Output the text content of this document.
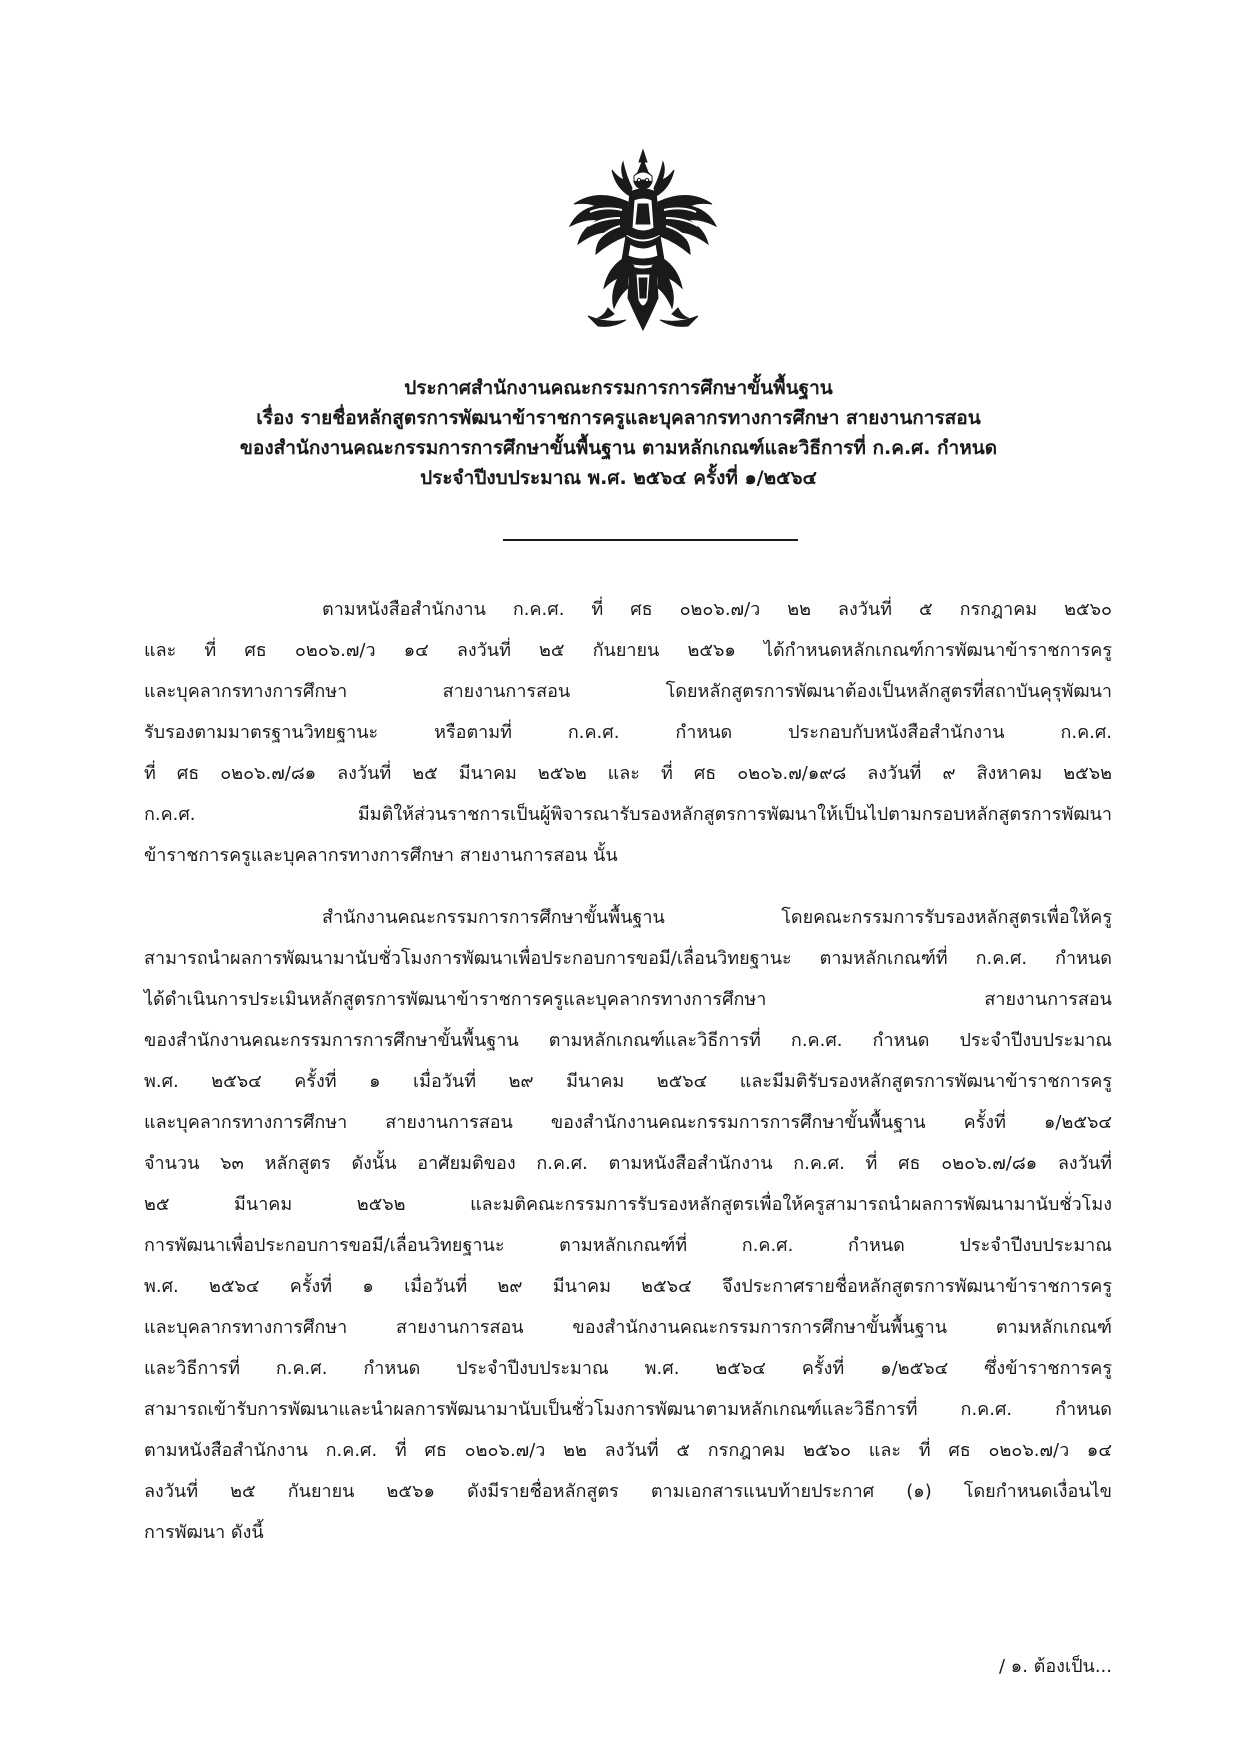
ประกาศสำนักงานคณะกรรมการการศึกษาขั้นพื้นฐาน
เรื่อง รายชื่อหลักสูตรการพัฒนาข้าราชการครูและบุคลากรทางการศึกษา สายงานการสอน
ของสำนักงานคณะกรรมการการศึกษาขั้นพื้นฐาน ตามหลักเกณฑ์และวิธีการที่ ก.ค.ศ. กำหนด
ประจำปีงบประมาณ พ.ศ. ๒๕๖๔ ครั้งที่ ๑/๒๕๖๔
ตามหนังสือสำนักงาน ก.ค.ศ. ที่ ศธ ๐๒๐๖.๗/ว ๒๒ ลงวันที่ ๕ กรกฎาคม ๒๕๖๐
และ ที่ ศธ ๐๒๐๖.๗/ว ๑๔ ลงวันที่ ๒๕ กันยายน ๒๕๖๑ ได้กำหนดหลักเกณฑ์การพัฒนาข้าราชการครู
และบุคลากรทางการศึกษา สายงานการสอน โดยหลักสูตรการพัฒนาต้องเป็นหลักสูตรที่สถาบันคุรุพัฒนา
รับรองตามมาตรฐานวิทยฐานะ หรือตามที่ ก.ค.ศ. กำหนด ประกอบกับหนังสือสำนักงาน ก.ค.ศ.
ที่ ศธ ๐๒๐๖.๗/๘๑ ลงวันที่ ๒๕ มีนาคม ๒๕๖๒ และ ที่ ศธ ๐๒๐๖.๗/๑๙๘ ลงวันที่ ๙ สิงหาคม ๒๕๖๒
ก.ค.ศ. มีมติให้ส่วนราชการเป็นผู้พิจารณารับรองหลักสูตรการพัฒนาให้เป็นไปตามกรอบหลักสูตรการพัฒนา
ข้าราชการครูและบุคลากรทางการศึกษา สายงานการสอน นั้น
สำนักงานคณะกรรมการการศึกษาขั้นพื้นฐาน โดยคณะกรรมการรับรองหลักสูตรเพื่อให้ครู
สามารถนำผลการพัฒนามานับชั่วโมงการพัฒนาเพื่อประกอบการขอมี/เลื่อนวิทยฐานะ ตามหลักเกณฑ์ที่ ก.ค.ศ. กำหนด
ได้ดำเนินการประเมินหลักสูตรการพัฒนาข้าราชการครูและบุคลากรทางการศึกษา สายงานการสอน
ของสำนักงานคณะกรรมการการศึกษาขั้นพื้นฐาน ตามหลักเกณฑ์และวิธีการที่ ก.ค.ศ. กำหนด ประจำปีงบประมาณ
พ.ศ. ๒๕๖๔ ครั้งที่ ๑ เมื่อวันที่ ๒๙ มีนาคม ๒๕๖๔ และมีมติรับรองหลักสูตรการพัฒนาข้าราชการครู
และบุคลากรทางการศึกษา สายงานการสอน ของสำนักงานคณะกรรมการการศึกษาขั้นพื้นฐาน ครั้งที่ ๑/๒๕๖๔
จำนวน ๖๓ หลักสูตร ดังนั้น อาศัยมติของ ก.ค.ศ. ตามหนังสือสำนักงาน ก.ค.ศ. ที่ ศธ ๐๒๐๖.๗/๘๑ ลงวันที่
๒๕ มีนาคม ๒๕๖๒ และมติคณะกรรมการรับรองหลักสูตรเพื่อให้ครูสามารถนำผลการพัฒนามานับชั่วโมง
การพัฒนาเพื่อประกอบการขอมี/เลื่อนวิทยฐานะ ตามหลักเกณฑ์ที่ ก.ค.ศ. กำหนด ประจำปีงบประมาณ
พ.ศ. ๒๕๖๔ ครั้งที่ ๑ เมื่อวันที่ ๒๙ มีนาคม ๒๕๖๔ จึงประกาศรายชื่อหลักสูตรการพัฒนาข้าราชการครู
และบุคลากรทางการศึกษา สายงานการสอน ของสำนักงานคณะกรรมการการศึกษาขั้นพื้นฐาน ตามหลักเกณฑ์
และวิธีการที่ ก.ค.ศ. กำหนด ประจำปีงบประมาณ พ.ศ. ๒๕๖๔ ครั้งที่ ๑/๒๕๖๔ ซึ่งข้าราชการครู
สามารถเข้ารับการพัฒนาและนำผลการพัฒนามานับเป็นชั่วโมงการพัฒนาตามหลักเกณฑ์และวิธีการที่ ก.ค.ศ. กำหนด
ตามหนังสือสำนักงาน ก.ค.ศ. ที่ ศธ ๐๒๐๖.๗/ว ๒๒ ลงวันที่ ๕ กรกฎาคม ๒๕๖๐ และ ที่ ศธ ๐๒๐๖.๗/ว ๑๔
ลงวันที่ ๒๕ กันยายน ๒๕๖๑ ดังมีรายชื่อหลักสูตร ตามเอกสารแนบท้ายประกาศ (๑) โดยกำหนดเงื่อนไข
การพัฒนา ดังนี้
/ ๑. ต้องเป็น...
